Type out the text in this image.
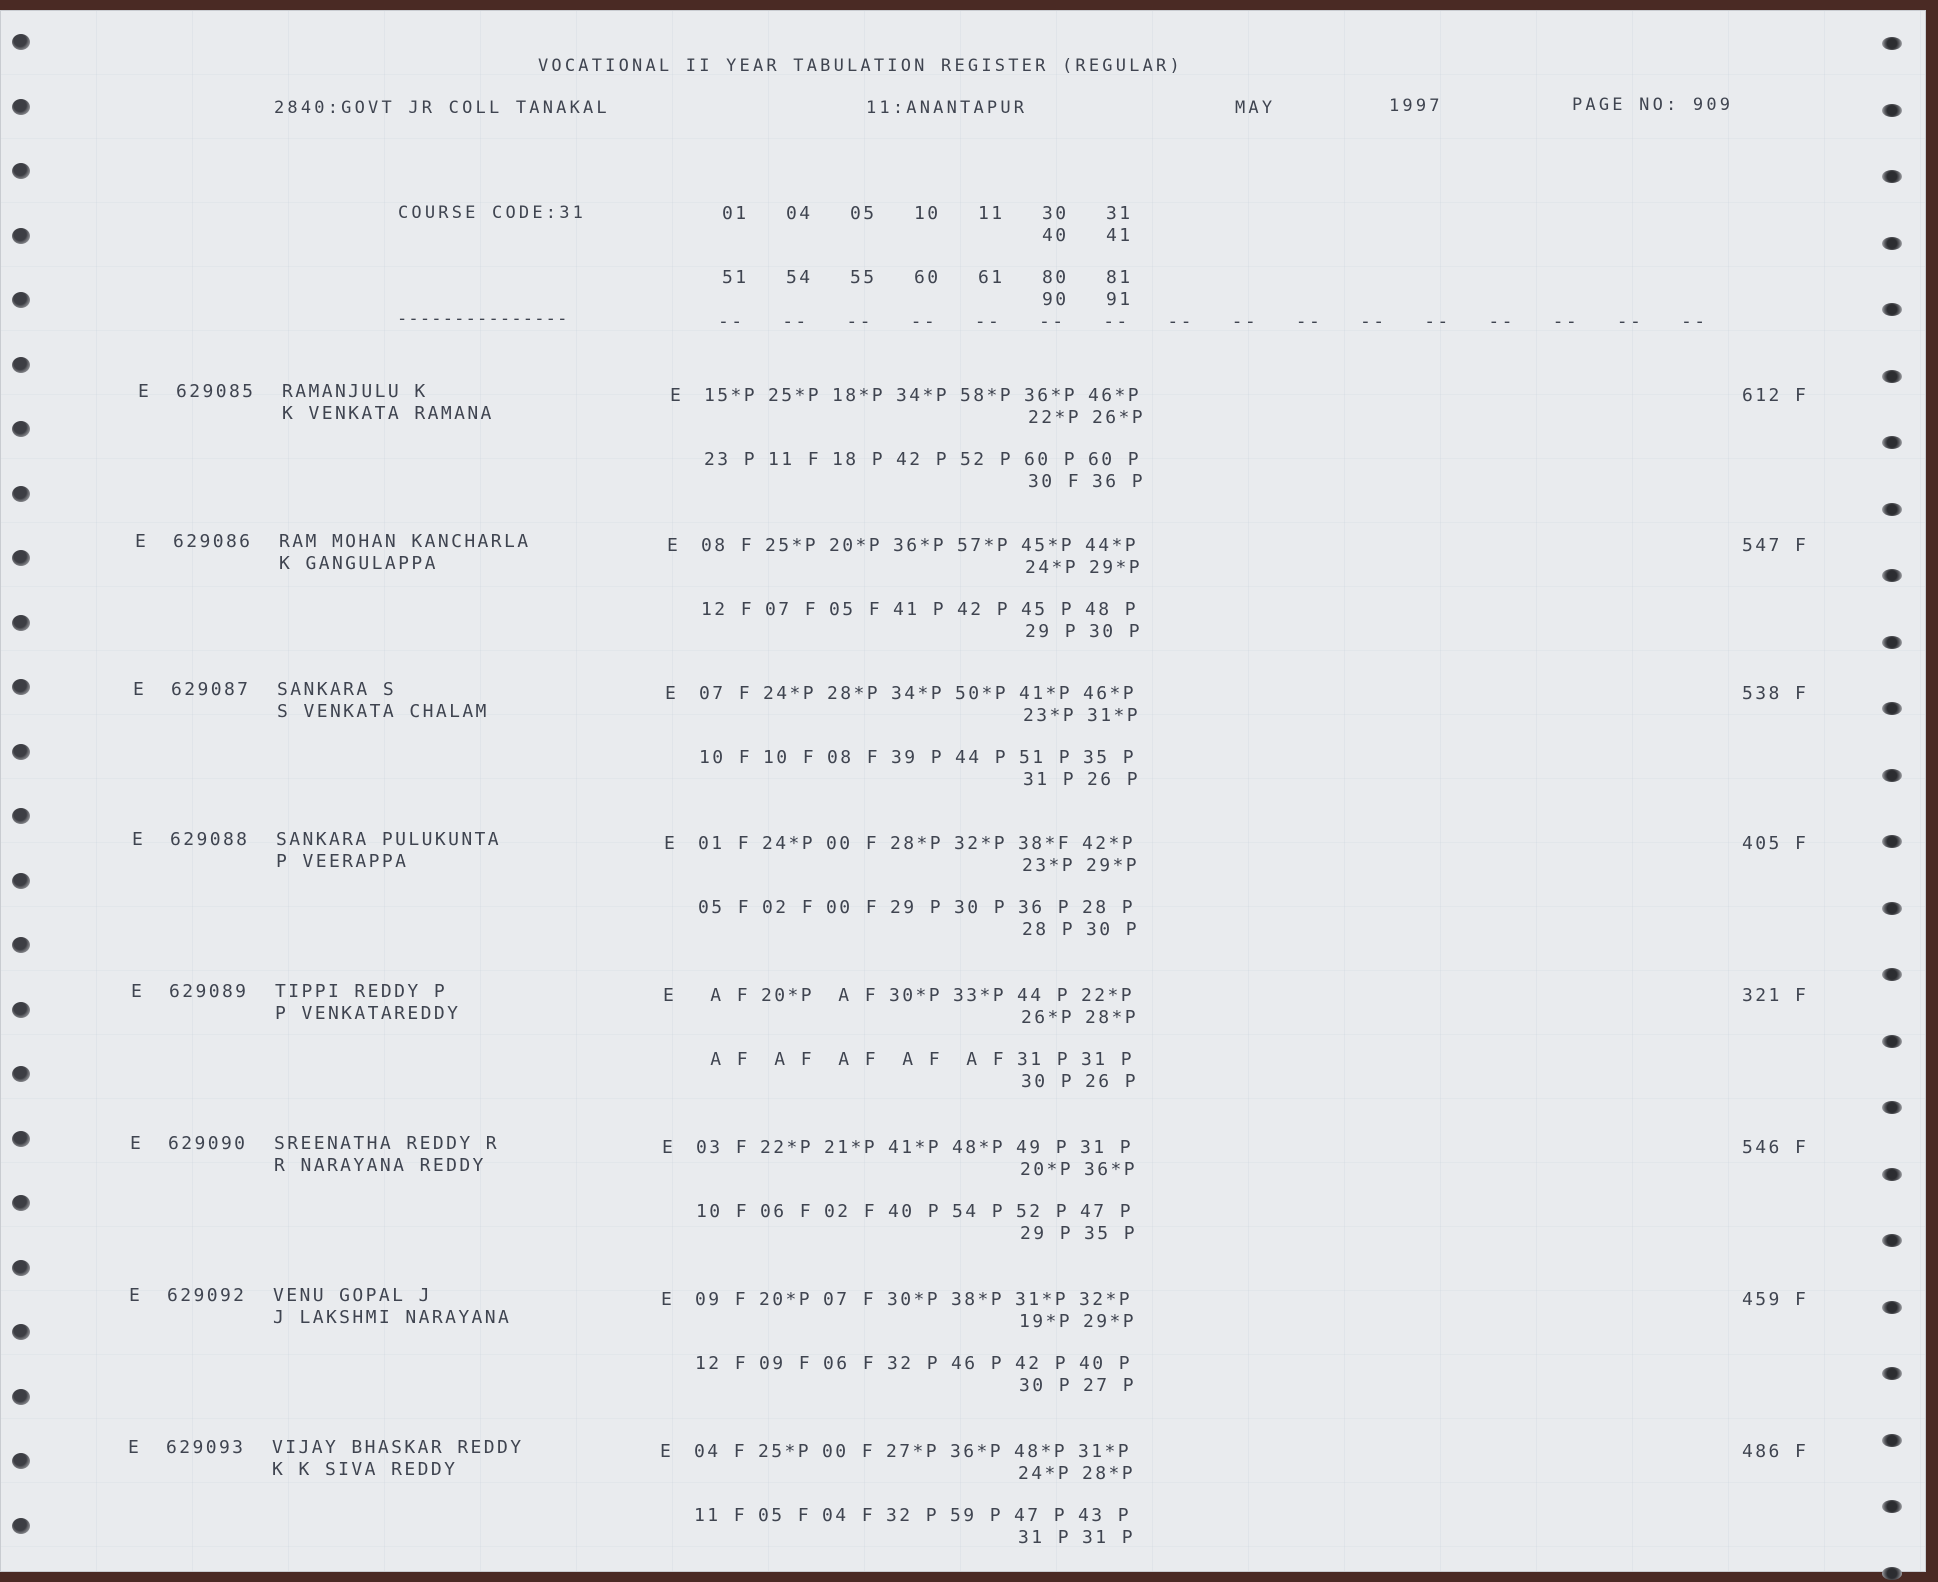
VOCATIONAL II YEAR TABULATION REGISTER (REGULAR)
2840:GOVT JR COLL TANAKAL	11:ANANTAPUR	MAY	1997	PAGE NO: 909
COURSE CODE:31
---------------
01 04 05 10 11 30 31
40 41
51 54 55 60 61 80 81
90 91
-- -- -- -- -- -- -- -- -- -- -- -- -- -- -- --
E 629085 RAMANJULU K
K VENKATA RAMANA
E 15*P 25*P 18*P 34*P 58*P 36*P 46*P
22*P 26*P
23 P 11 F 18 P 42 P 52 P 60 P 60 P
30 F 36 P
612 F
E 629086 RAM MOHAN KANCHARLA
K GANGULAPPA
E 08 F 25*P 20*P 36*P 57*P 45*P 44*P
24*P 29*P
12 F 07 F 05 F 41 P 42 P 45 P 48 P
29 P 30 P
547 F
E 629087 SANKARA S
S VENKATA CHALAM
E 07 F 24*P 28*P 34*P 50*P 41*P 46*P
23*P 31*P
10 F 10 F 08 F 39 P 44 P 51 P 35 P
31 P 26 P
538 F
E 629088 SANKARA PULUKUNTA
P VEERAPPA
E 01 F 24*P 00 F 28*P 32*P 38*F 42*P
23*P 29*P
05 F 02 F 00 F 29 P 30 P 36 P 28 P
28 P 30 P
405 F
E 629089 TIPPI REDDY P
P VENKATAREDDY
E A F 20*P A F 30*P 33*P 44 P 22*P
26*P 28*P
A F A F A F A F A F 31 P 31 P
30 P 26 P
321 F
E 629090 SREENATHA REDDY R
R NARAYANA REDDY
E 03 F 22*P 21*P 41*P 48*P 49 P 31 P
20*P 36*P
10 F 06 F 02 F 40 P 54 P 52 P 47 P
29 P 35 P
546 F
E 629092 VENU GOPAL J
J LAKSHMI NARAYANA
E 09 F 20*P 07 F 30*P 38*P 31*P 32*P
19*P 29*P
12 F 09 F 06 F 32 P 46 P 42 P 40 P
30 P 27 P
459 F
E 629093 VIJAY BHASKAR REDDY
K K SIVA REDDY
E 04 F 25*P 00 F 27*P 36*P 48*P 31*P
24*P 28*P
11 F 05 F 04 F 32 P 59 P 47 P 43 P
31 P 31 P
486 F
